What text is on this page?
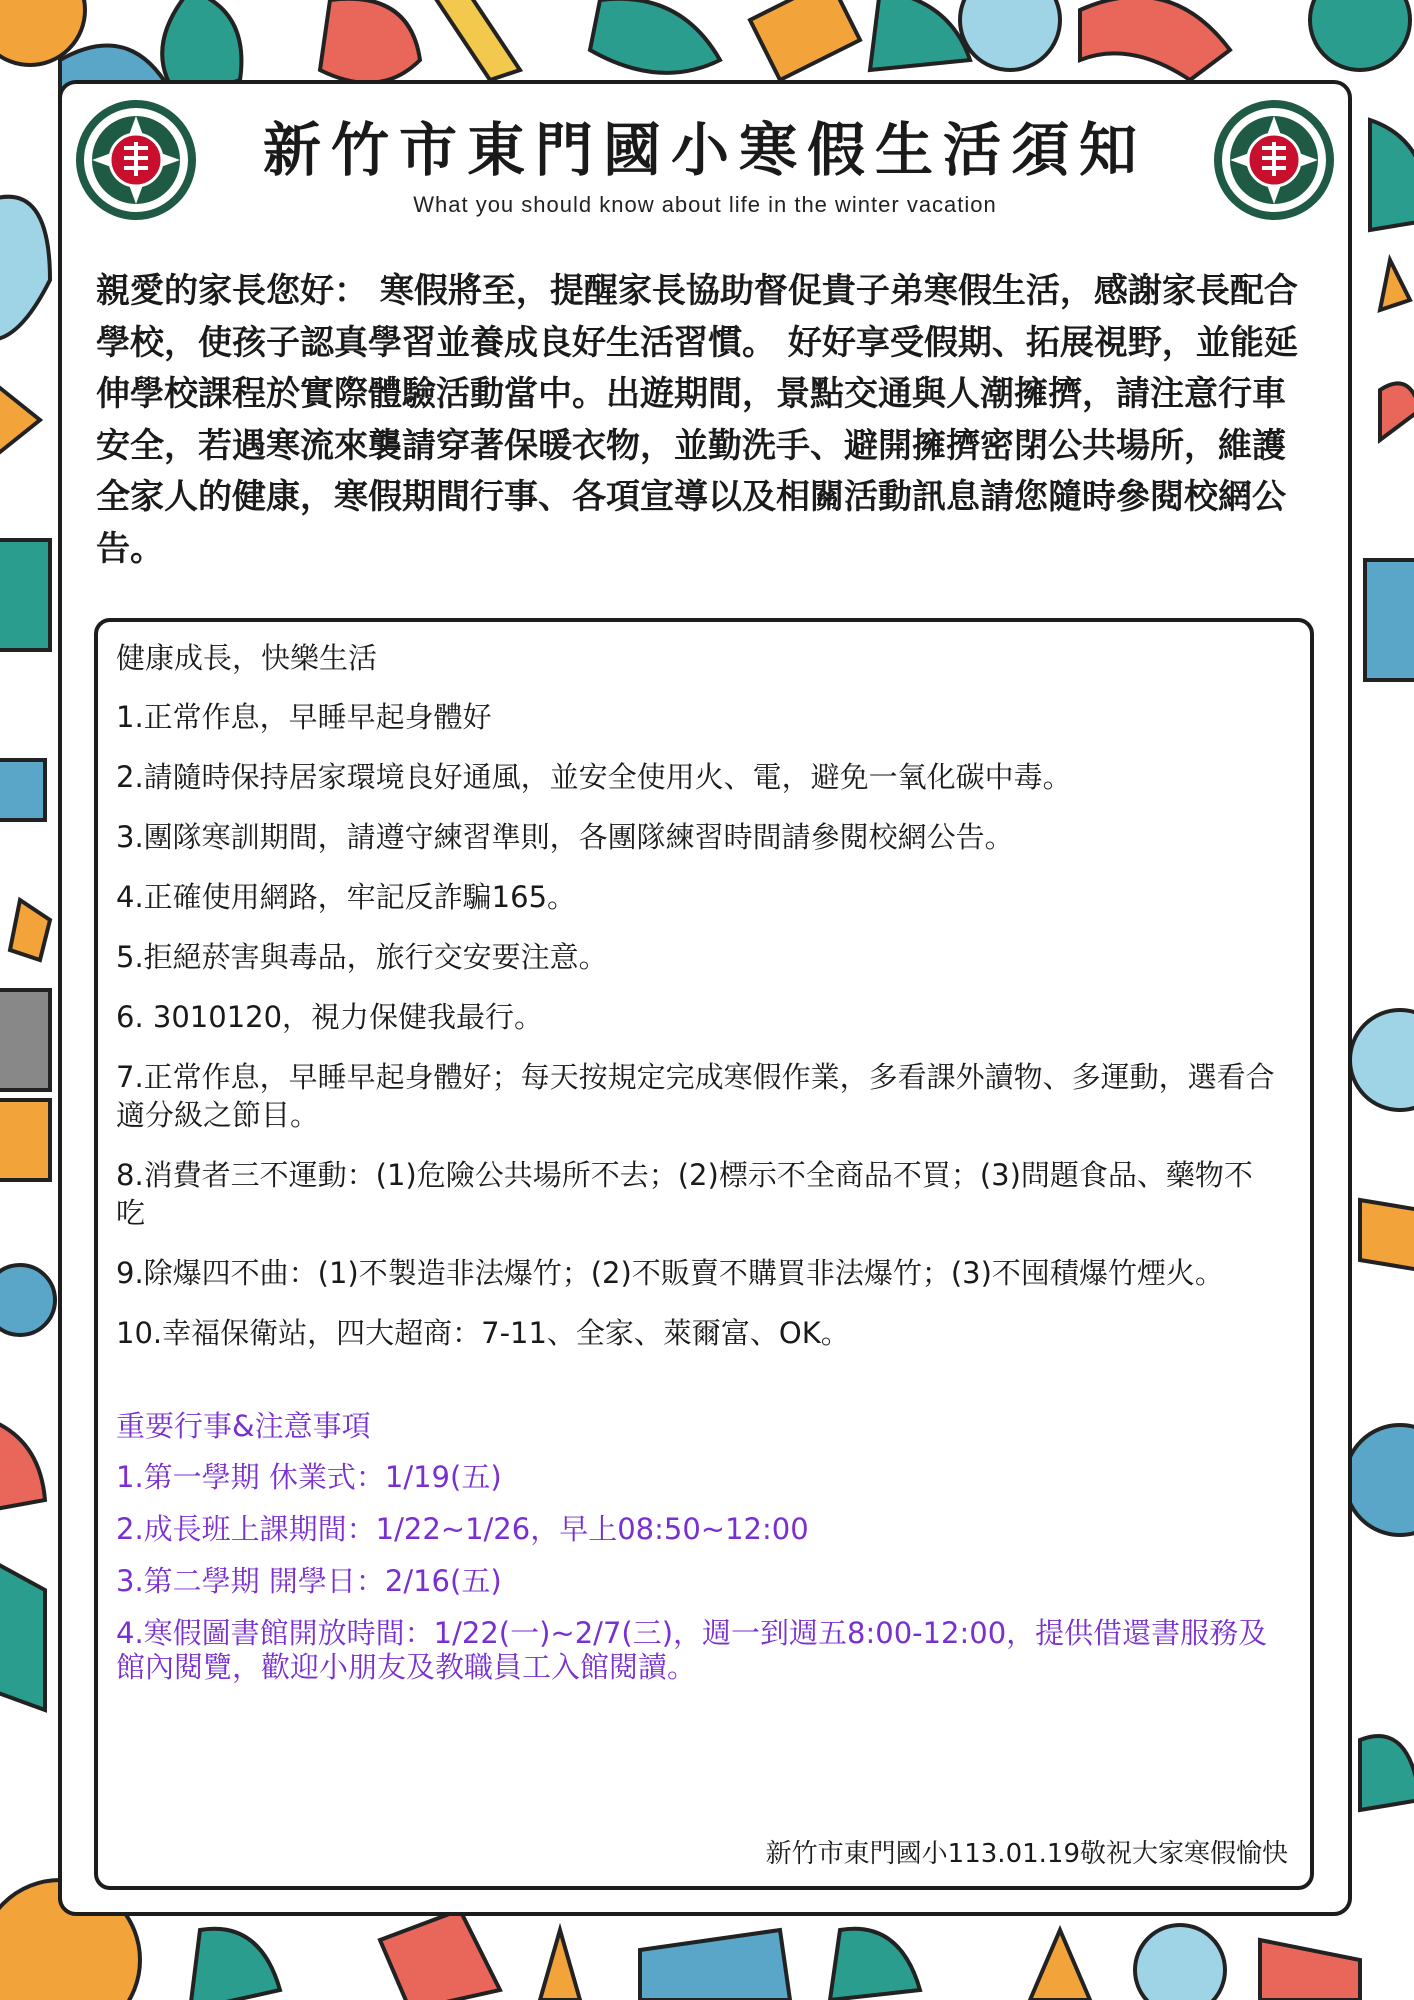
新竹市東門國小寒假生活須知
What you should know about life in the winter vacation
親愛的家長您好： 寒假將至，提醒家長協助督促貴子弟寒假生活，感謝家長配合學校，使孩子認真學習並養成良好生活習慣。 好好享受假期、拓展視野，並能延伸學校課程於實際體驗活動當中。出遊期間，景點交通與人潮擁擠，請注意行車安全，若遇寒流來襲請穿著保暖衣物，並勤洗手、避開擁擠密閉公共場所，維護全家人的健康，寒假期間行事、各項宣導以及相關活動訊息請您隨時參閱校網公告。
健康成長，快樂生活
1.正常作息，早睡早起身體好
2.請隨時保持居家環境良好通風，並安全使用火、電，避免一氧化碳中毒。
3.團隊寒訓期間，請遵守練習準則，各團隊練習時間請參閱校網公告。
4.正確使用網路，牢記反詐騙165。
5.拒絕菸害與毒品，旅行交安要注意。
6. 3010120，視力保健我最行。
7.正常作息，早睡早起身體好；每天按規定完成寒假作業，多看課外讀物、多運動，選看合適分級之節目。
8.消費者三不運動：(1)危險公共場所不去；(2)標示不全商品不買；(3)問題食品、藥物不吃
9.除爆四不曲：(1)不製造非法爆竹；(2)不販賣不購買非法爆竹；(3)不囤積爆竹煙火。
10.幸福保衛站，四大超商：7-11、全家、萊爾富、OK。
重要行事&注意事項
1.第一學期 休業式：1/19(五)
2.成長班上課期間：1/22~1/26，早上08:50~12:00
3.第二學期 開學日：2/16(五)
4.寒假圖書館開放時間：1/22(一)~2/7(三)，週一到週五8:00-12:00，提供借還書服務及館內閱覽，歡迎小朋友及教職員工入館閱讀。
新竹市東門國小113.01.19敬祝大家寒假愉快
